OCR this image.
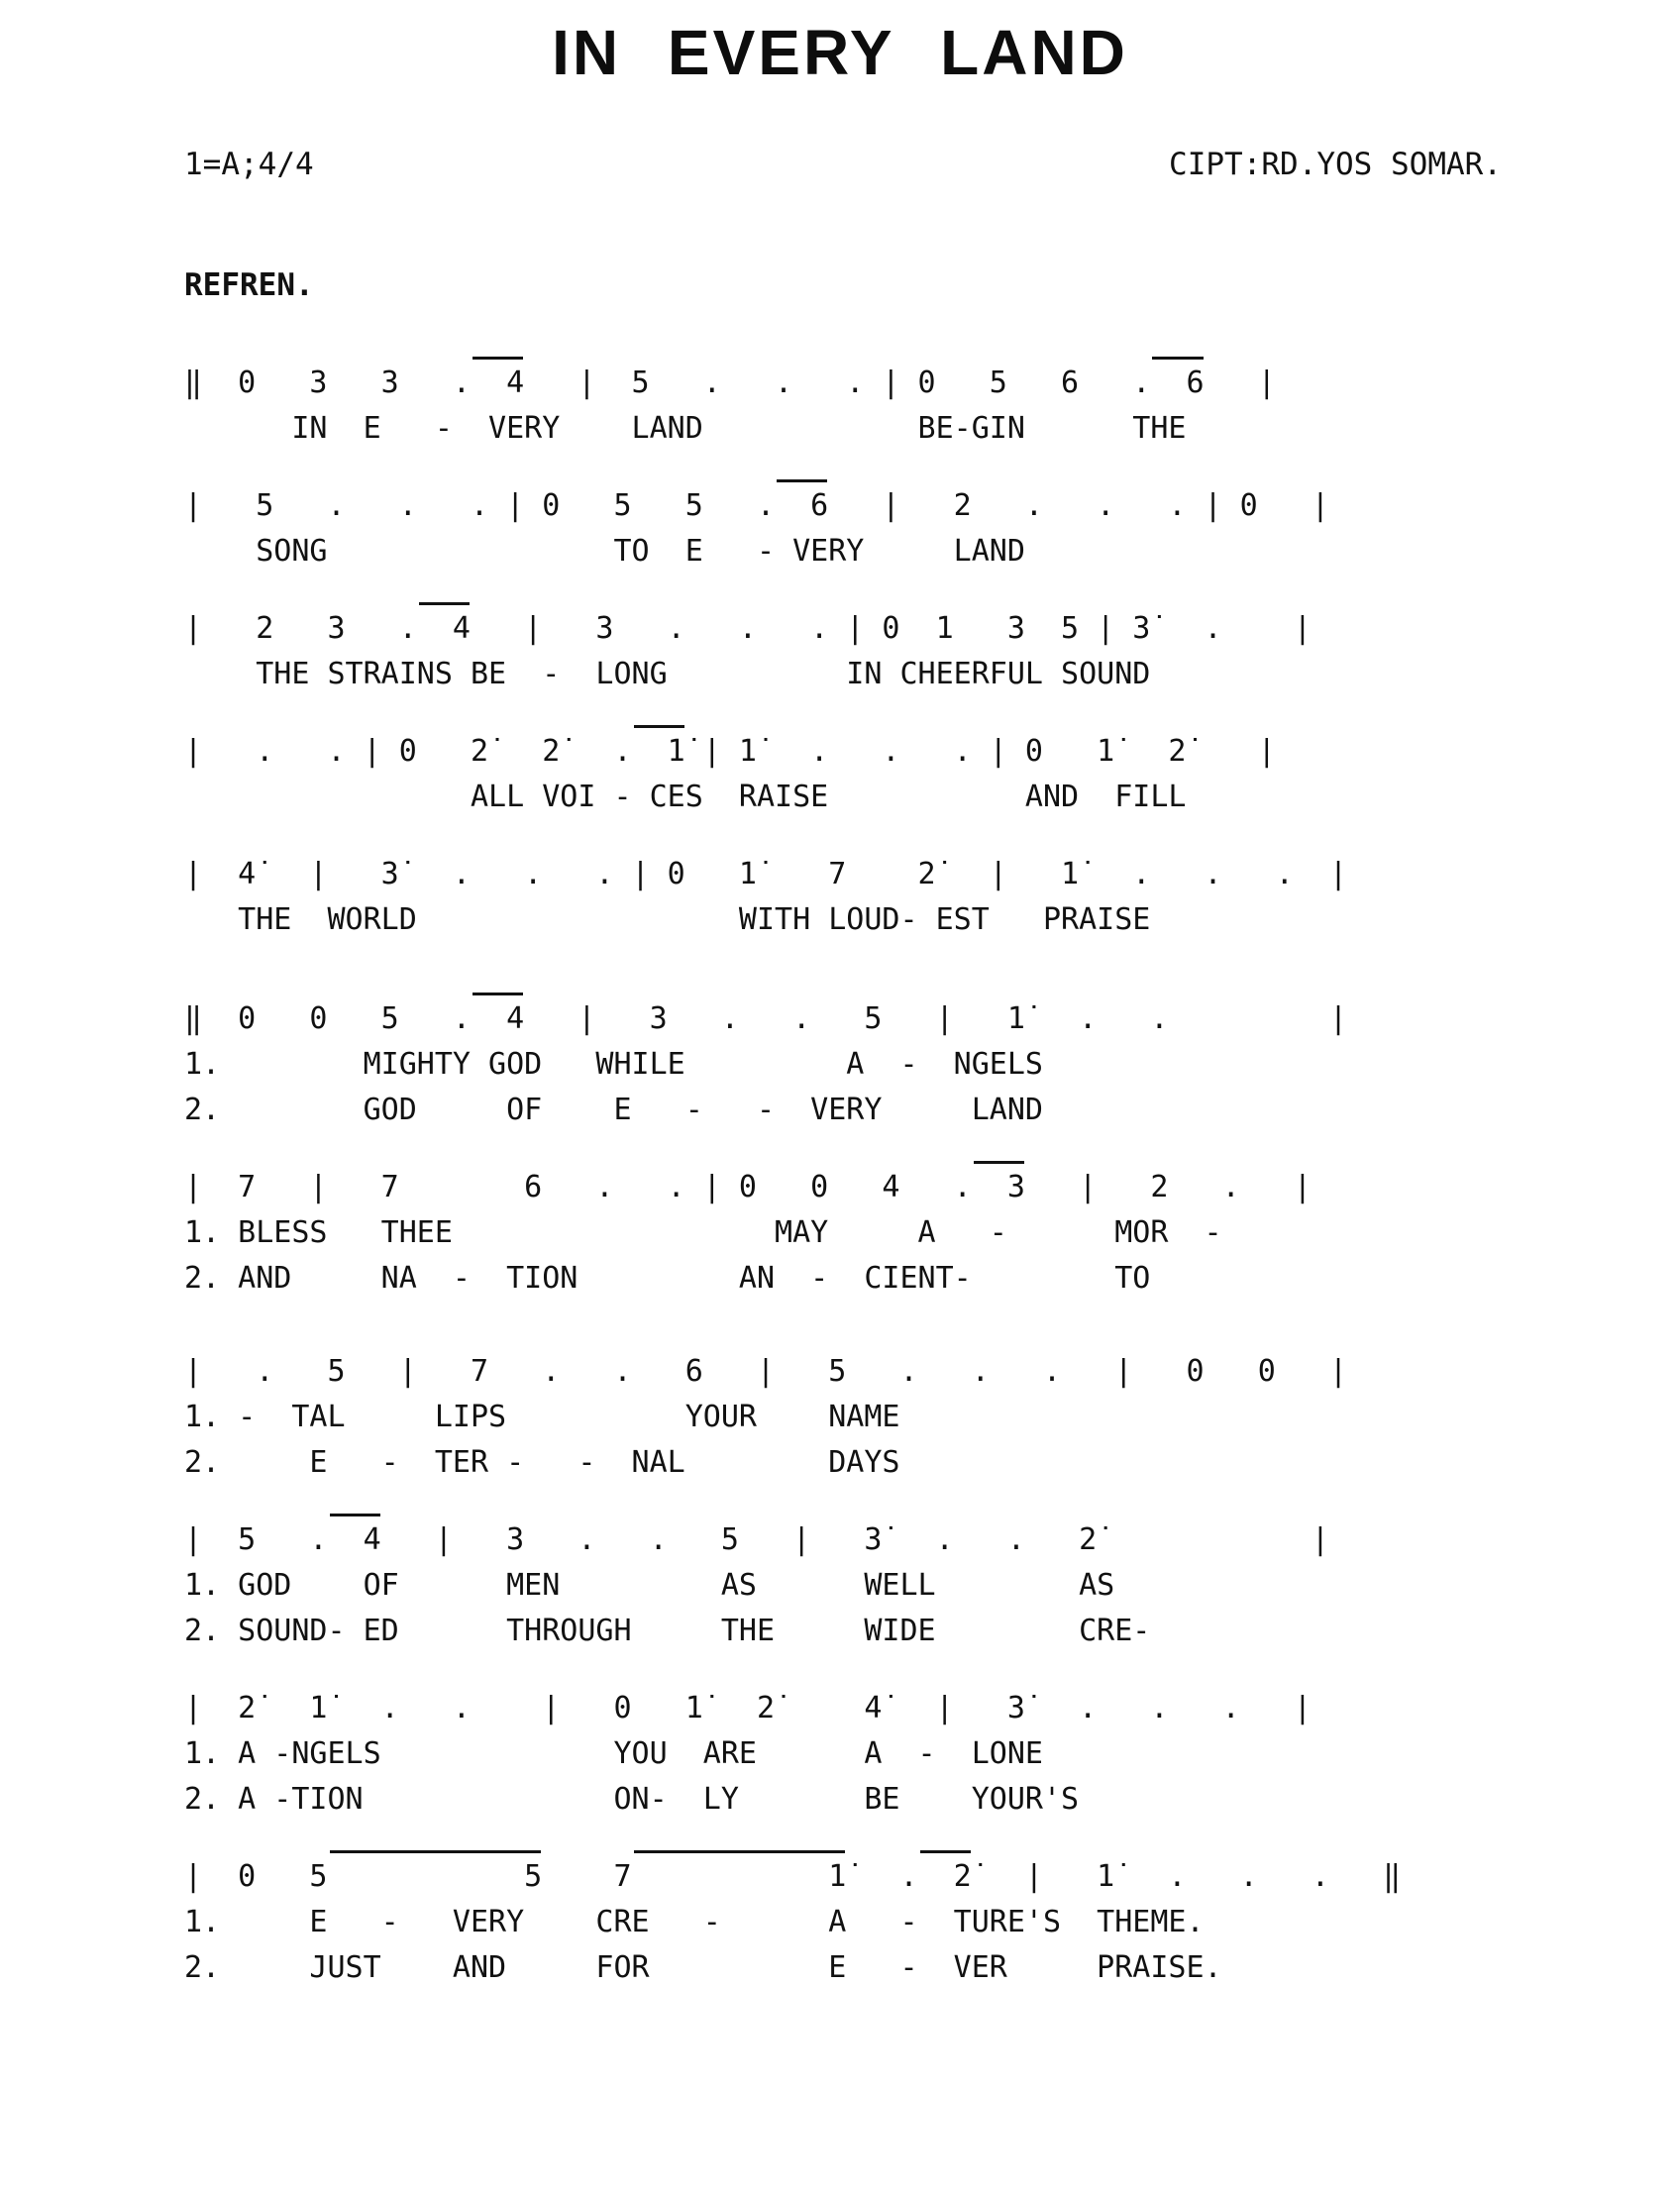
IN EVERY LAND
1=A;4/4	CIPT:RD.YOS SOMAR.
REFREN.
‖  0   3   3   .  4   |  5   .   .   . | 0   5   6   .  6   |
IN  E   -  VERY    LAND            BE-GIN      THE
|   5   .   .   . | 0   5   5   .  6   |   2   .   .   . | 0   |
SONG                TO  E   - VERY     LAND
|   2   3   .  4   |   3   .   .   . | 0  1   3  5 | 3̇   .    |
THE STRAINS BE  -  LONG          IN CHEERFUL SOUND
|   .   . | 0   2̇   2̇   .  1̇ | 1̇   .   .   . | 0   1̇   2̇    |
ALL VOI - CES  RAISE           AND  FILL
|  4̇   |   3̇   .   .   . | 0   1̇    7    2̇   |   1̇   .   .   .  |
THE  WORLD                  WITH LOUD- EST   PRAISE
‖  0   0   5   .  4   |   3   .   .   5   |   1̇   .   .         |
1.        MIGHTY GOD   WHILE         A  -  NGELS
2.        GOD     OF    E   -   -  VERY     LAND
|  7   |   7       6   .   . | 0   0   4   .  3   |   2   .   |
1. BLESS   THEE                  MAY     A   -      MOR  -
2. AND     NA  -  TION         AN  -  CIENT-        TO
|   .   5   |   7   .   .   6   |   5   .   .   .   |   0   0   |
1. -  TAL     LIPS          YOUR    NAME
2.     E   -  TER -   -  NAL        DAYS
|  5   .  4   |   3   .   .   5   |   3̇   .   .   2̇            |
1. GOD    OF      MEN         AS      WELL        AS
2. SOUND- ED      THROUGH     THE     WIDE        CRE-
|  2̇   1̇   .   .    |   0   1̇   2̇     4̇   |   3̇   .   .   .   |
1. A -NGELS             YOU  ARE      A  -  LONE
2. A -TION              ON-  LY       BE    YOUR'S
|  0   5           5    7           1̇   .  2̇   |   1̇   .   .   .   ‖
1.     E   -   VERY    CRE   -      A   -  TURE'S  THEME.
2.     JUST    AND     FOR          E   -  VER     PRAISE.
